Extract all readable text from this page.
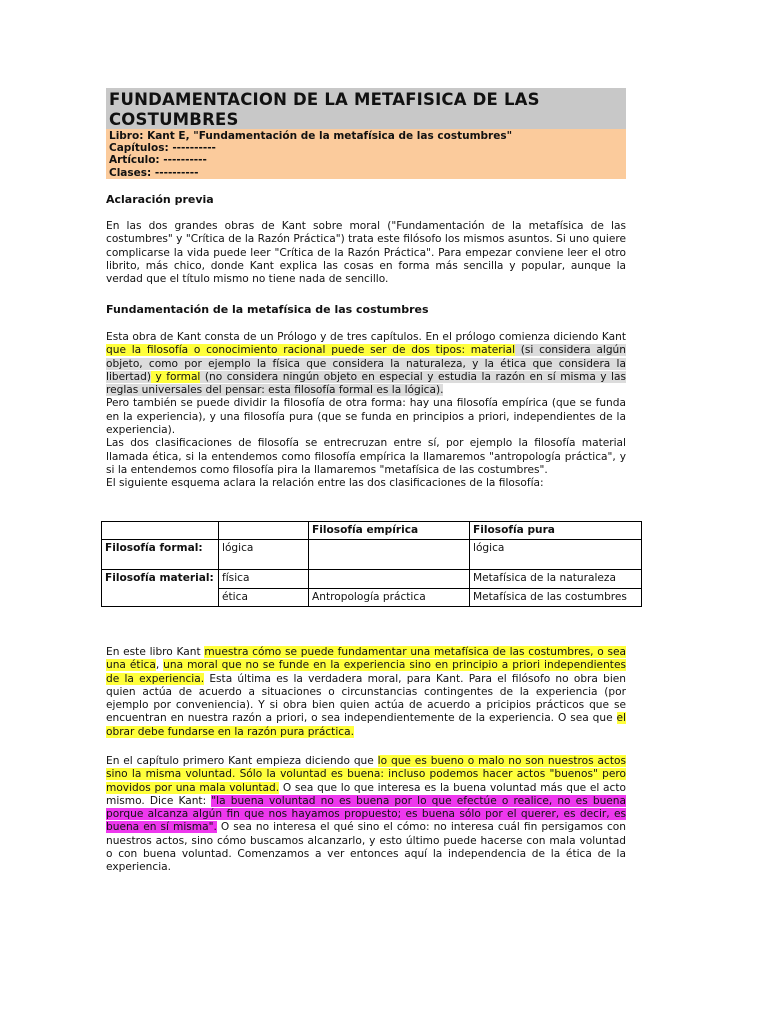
FUNDAMENTACION DE LA METAFISICA DE LAS COSTUMBRES
Libro: Kant E, "Fundamentación de la metafísica de las costumbres"
Capítulos: ----------
Artículo: ----------
Clases: ----------
Aclaración previa

En las dos grandes obras de Kant sobre moral ("Fundamentación de la metafísica de las costumbres" y "Crítica de la Razón Práctica") trata este filósofo los mismos asuntos. Si uno quiere complicarse la vida puede leer "Crítica de la Razón Práctica". Para empezar conviene leer el otro librito, más chico, donde Kant explica las cosas en forma más sencilla y popular, aunque la verdad que el título mismo no tiene nada de sencillo.

Fundamentación de la metafísica de las costumbres

Esta obra de Kant consta de un Prólogo y de tres capítulos. En el prólogo comienza diciendo Kant que la filosofía o conocimiento racional puede ser de dos tipos: material (si considera algún objeto, como por ejemplo la física que considera la naturaleza, y la ética que considera la libertad) y formal (no considera ningún objeto en especial y estudia la razón en sí misma y las reglas universales del pensar: esta filosofía formal es la lógica).
Pero también se puede dividir la filosofía de otra forma: hay una filosofía empírica (que se funda en la experiencia), y una filosofía pura (que se funda en principios a priori, independientes de la experiencia).
Las dos clasificaciones de filosofía se entrecruzan entre sí, por ejemplo la filosofía material llamada ética, si la entendemos como filosofía empírica la llamaremos "antropología práctica", y si la entendemos como filosofía pira la llamaremos "metafísica de las costumbres".
El siguiente esquema aclara la relación entre las dos clasificaciones de la filosofía:

		Filosofía empírica	Filosofía pura
Filosofía formal:	lógica		lógica
Filosofía material:	física		Metafísica de la naturaleza
	ética	Antropología práctica	Metafísica de las costumbres

En este libro Kant muestra cómo se puede fundamentar una metafísica de las costumbres, o sea una ética, una moral que no se funde en la experiencia sino en principio a priori independientes de la experiencia. Esta última es la verdadera moral, para Kant. Para el filósofo no obra bien quien actúa de acuerdo a situaciones o circunstancias contingentes de la experiencia (por ejemplo por conveniencia). Y si obra bien quien actúa de acuerdo a pricipios prácticos que se encuentran en nuestra razón a priori, o sea independientemente de la experiencia. O sea que el obrar debe fundarse en la razón pura práctica.

En el capítulo primero Kant empieza diciendo que lo que es bueno o malo no son nuestros actos sino la misma voluntad. Sólo la voluntad es buena: incluso podemos hacer actos "buenos" pero movidos por una mala voluntad. O sea que lo que interesa es la buena voluntad más que el acto mismo. Dice Kant: "la buena voluntad no es buena por lo que efectúe o realice, no es buena porque alcanza algún fin que nos hayamos propuesto; es buena sólo por el querer, es decir, es buena en sí misma". O sea no interesa el qué sino el cómo: no interesa cuál fin persigamos con nuestros actos, sino cómo buscamos alcanzarlo, y esto último puede hacerse con mala voluntad o con buena voluntad. Comenzamos a ver entonces aquí la independencia de la ética de la experiencia.
